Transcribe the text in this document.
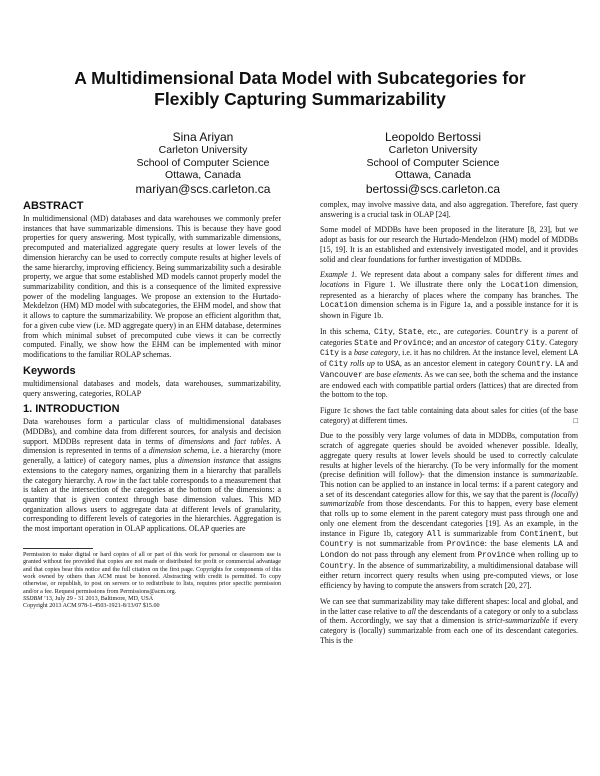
A Multidimensional Data Model with Subcategories for Flexibly Capturing Summarizability
Sina Ariyan
Carleton University
School of Computer Science
Ottawa, Canada
mariyan@scs.carleton.ca
Leopoldo Bertossi
Carleton University
School of Computer Science
Ottawa, Canada
bertossi@scs.carleton.ca
ABSTRACT

In multidimensional (MD) databases and data warehouses we commonly prefer instances that have summarizable dimensions. This is because they have good properties for query answering. Most typically, with summarizable dimensions, precomputed and materialized aggregate query results at lower levels of the dimension hierarchy can be used to correctly compute results at higher levels of the same hierarchy, improving efficiency. Being summarizability such a desirable property, we argue that some established MD models cannot properly model the summarizability condition, and this is a consequence of the limited expressive power of the modeling languages. We propose an extension to the Hurtado-Mekdelzon (HM) MD model with subcategories, the EHM model, and show that it allows to capture the summarizability. We propose an efficient algorithm that, for a given cube view (i.e. MD aggregate query) in an EHM database, determines from which minimal subset of precomputed cube views it can be correctly computed. Finally, we show how the EHM can be implemented with minor modifications to the familiar ROLAP schemas.

Keywords

multidimensional databases and models, data warehouses, summarizability, query answering, categories, ROLAP

1. INTRODUCTION

Data warehouses form a particular class of multidimensional databases (MDDBs), and combine data from different sources, for analysis and decision support. MDDBs represent data in terms of dimensions and fact tables. A dimension is represented in terms of a dimension schema, i.e. a hierarchy (more generally, a lattice) of category names, plus a dimension instance that assigns extensions to the category names, organizing them in a hierarchy that parallels the category hierarchy. A row in the fact table corresponds to a measurement that is taken at the intersection of the categories at the bottom of the dimensions: a quantity that is given context through base dimension values. This MD organization allows users to aggregate data at different levels of granularity, corresponding to different levels of categories in the hierarchies. Aggregation is the most important operation in OLAP applications. OLAP queries are

Permission to make digital or hard copies of all or part of this work for personal or classroom use is granted without fee provided that copies are not made or distributed for profit or commercial advantage and that copies bear this notice and the full citation on the first page. Copyrights for components of this work owned by others than ACM must be honored. Abstracting with credit is permitted. To copy otherwise, or republish, to post on servers or to redistribute to lists, requires prior specific permission and/or a fee. Request permissions from Permissions@acm.org.

SSDBM ’13, July 29 - 31 2013, Baltimore, MD, USA

Copyright 2013 ACM 978-1-4503-1921-8/13/07 $15.00

complex, may involve massive data, and also aggregation. Therefore, fast query answering is a crucial task in OLAP [24].

Some model of MDDBs have been proposed in the literature [8, 23], but we adopt as basis for our research the Hurtado-Mendelzon (HM) model of MDDBs [15, 19]. It is an established and extensively investigated model, and it provides solid and clear foundations for further investigation of MDDBs.

Example 1. We represent data about a company sales for different times and locations in Figure 1. We illustrate there only the Location dimension, represented as a hierarchy of places where the company has branches. The Location dimension schema is in Figure 1a, and a possible instance for it is shown in Figure 1b.

In this schema, City, State, etc., are categories. Country is a parent of categories State and Province; and an ancestor of category City. Category City is a base category, i.e. it has no children. At the instance level, element LA of City rolls up to USA, as an ancestor element in category Country. LA and Vancouver are base elements. As we can see, both the schema and the instance are endowed each with compatible partial orders (lattices) that are directed from the bottom to the top.

Figure 1c shows the fact table containing data about sales for cities (of the base category) at different times.	□

Due to the possibly very large volumes of data in MDDBs, computation from scratch of aggregate queries should be avoided whenever possible. Ideally, aggregate query results at lower levels should be used to correctly calculate results at higher levels of the hierarchy. (To be very informally for the moment (precise definition will follow)- that the dimension instance is summarizable. This notion can be applied to an instance in local terms: if a parent category and a set of its descendant categories allow for this, we say that the parent is (locally) summarizable from those descendants. For this to happen, every base element that rolls up to some element in the parent category must pass through one and only one element from the descendant categories [19]. As an example, in the instance in Figure 1b, category All is summarizable from Continent, but Country is not summarizable from Province: the base elements LA and London do not pass through any element from Province when rolling up to Country. In the absence of summarizability, a multidimensional database will either return incorrect query results when using pre-computed views, or lose efficiency by having to compute the answers from scratch [20, 27].

We can see that summarizability may take different shapes: local and global, and in the latter case relative to all the descendants of a category or only to a subclass of them. Accordingly, we say that a dimension is strict-summarizable if every category is (locally) summarizable from each one of its descendant categories. This is the
